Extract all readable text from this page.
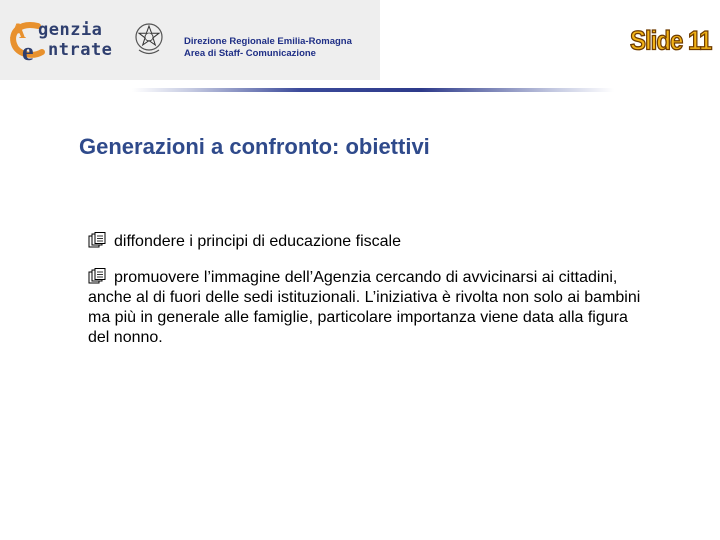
A
e
genzia
ntrate	Direzione Regionale Emilia-Romagna
Area di Staff- Comunicazione	Slide 11
Generazioni a confronto: obiettivi

diffondere i principi di educazione fiscale

promuovere l’immagine dell’Agenzia cercando di avvicinarsi ai cittadini, anche al di fuori delle sedi istituzionali. L’iniziativa è rivolta non solo ai bambini ma più in generale alle famiglie, particolare importanza viene data alla figura del nonno.
